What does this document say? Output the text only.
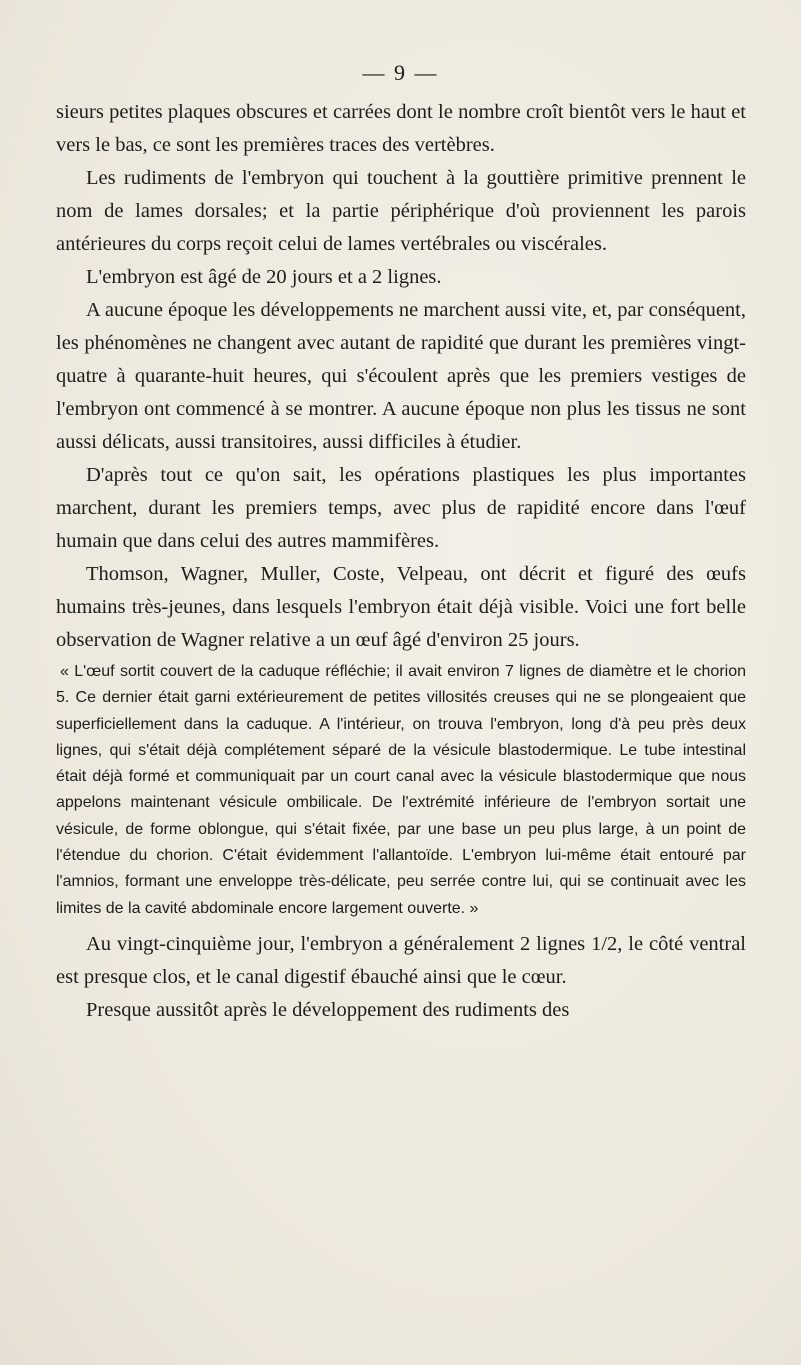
— 9 —

sieurs petites plaques obscures et carrées dont le nombre croît bientôt vers le haut et vers le bas, ce sont les premières traces des vertèbres.

Les rudiments de l'embryon qui touchent à la gouttière primitive prennent le nom de lames dorsales; et la partie périphérique d'où proviennent les parois antérieures du corps reçoit celui de lames vertébrales ou viscérales.

L'embryon est âgé de 20 jours et a 2 lignes.

A aucune époque les développements ne marchent aussi vite, et, par conséquent, les phénomènes ne changent avec autant de rapidité que durant les premières vingt-quatre à quarante-huit heures, qui s'écoulent après que les premiers vestiges de l'embryon ont commencé à se montrer. A aucune époque non plus les tissus ne sont aussi délicats, aussi transitoires, aussi difficiles à étudier.

D'après tout ce qu'on sait, les opérations plastiques les plus importantes marchent, durant les premiers temps, avec plus de rapidité encore dans l'œuf humain que dans celui des autres mammifères.

Thomson, Wagner, Muller, Coste, Velpeau, ont décrit et figuré des œufs humains très-jeunes, dans lesquels l'embryon était déjà visible. Voici une fort belle observation de Wagner relative a un œuf âgé d'environ 25 jours.

« L'œuf sortit couvert de la caduque réfléchie; il avait environ 7 lignes de diamètre et le chorion 5. Ce dernier était garni extérieurement de petites villosités creuses qui ne se plongeaient que superficiellement dans la caduque. A l'intérieur, on trouva l'embryon, long d'à peu près deux lignes, qui s'était déjà complétement séparé de la vésicule blastodermique. Le tube intestinal était déjà formé et communiquait par un court canal avec la vésicule blastodermique que nous appelons maintenant vésicule ombilicale. De l'extrémité inférieure de l'embryon sortait une vésicule, de forme oblongue, qui s'était fixée, par une base un peu plus large, à un point de l'étendue du chorion. C'était évidemment l'allantoïde. L'embryon lui-même était entouré par l'amnios, formant une enveloppe très-délicate, peu serrée contre lui, qui se continuait avec les limites de la cavité abdominale encore largement ouverte. »

Au vingt-cinquième jour, l'embryon a généralement 2 lignes 1/2, le côté ventral est presque clos, et le canal digestif ébauché ainsi que le cœur.

Presque aussitôt après le développement des rudiments des
